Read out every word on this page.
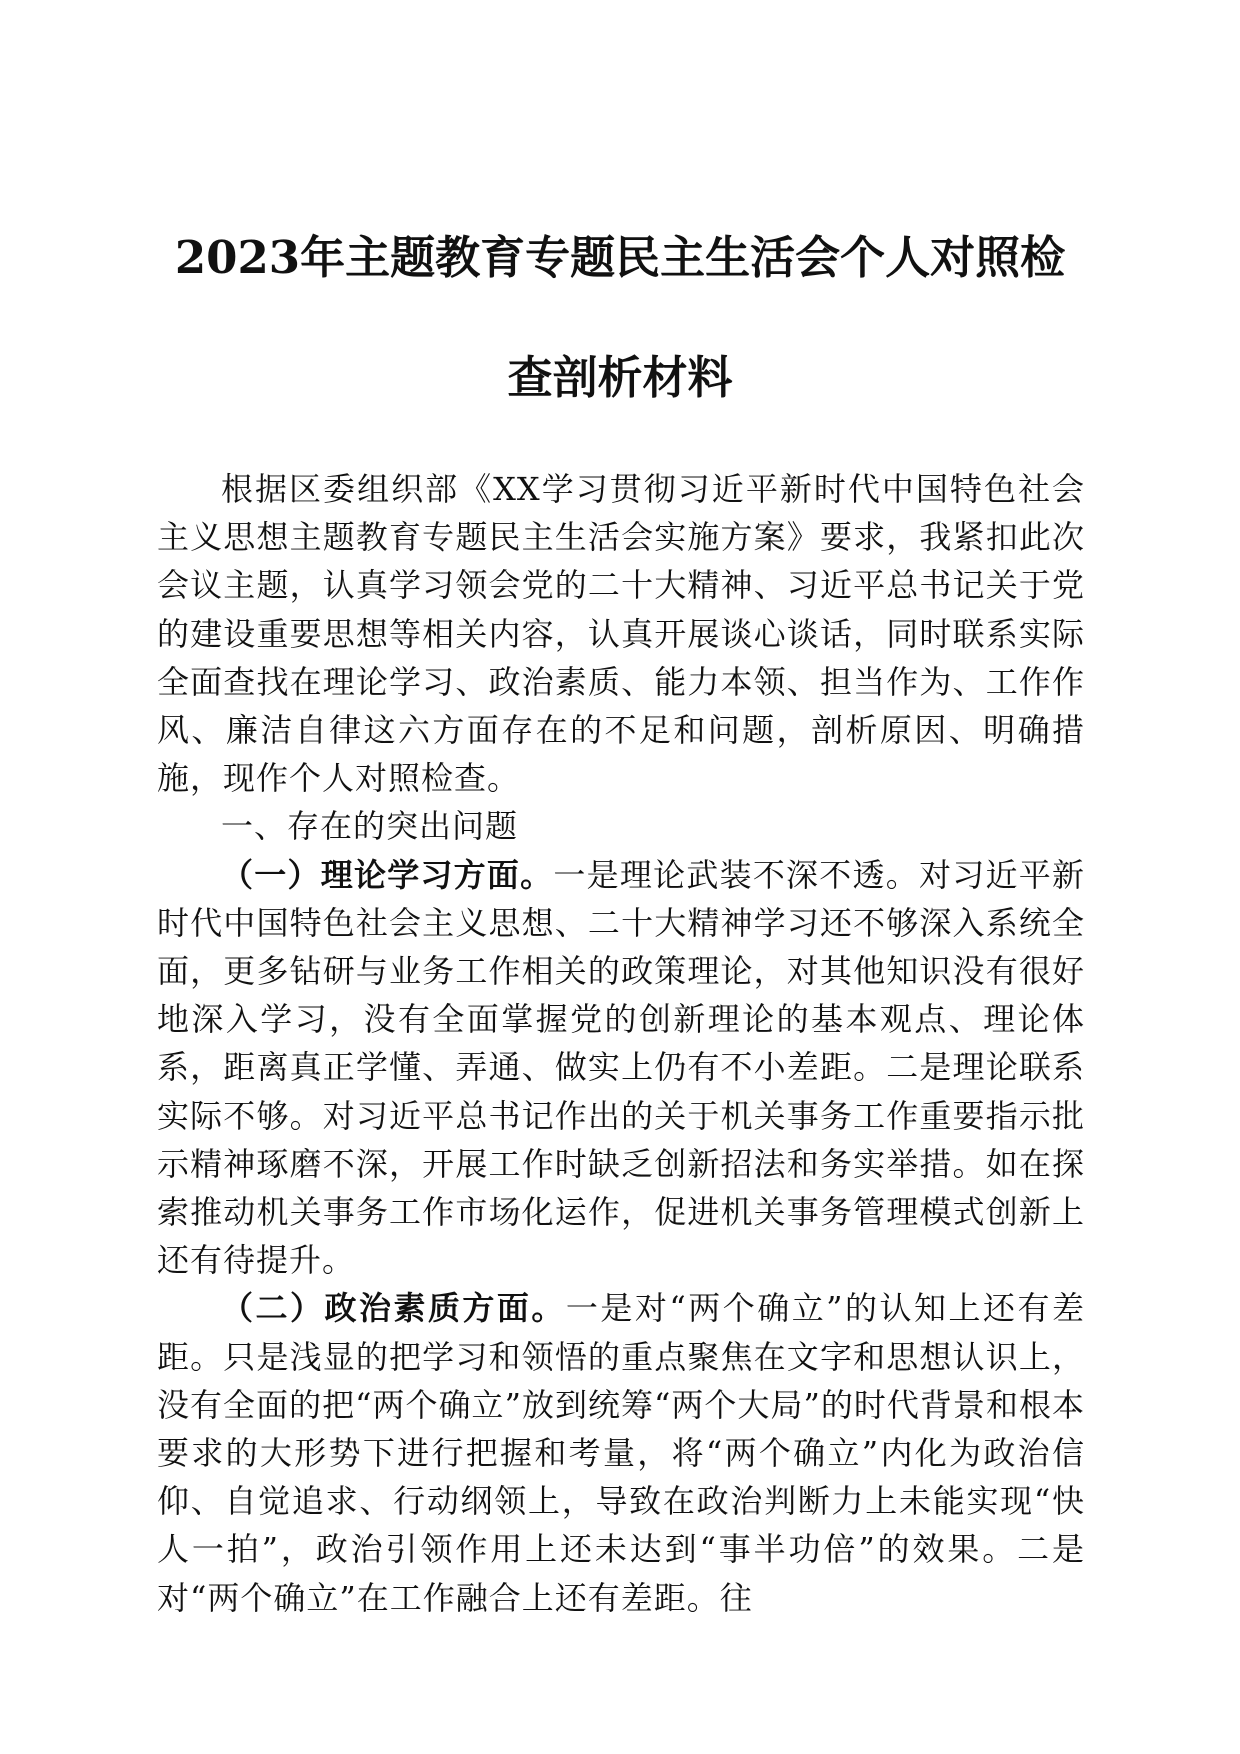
2023年主题教育专题民主生活会个人对照检
查剖析材料

根据区委组织部《XX学习贯彻习近平新时代中国特色社会主义思想主题教育专题民主生活会实施方案》要求，我紧扣此次会议主题，认真学习领会党的二十大精神、习近平总书记关于党的建设重要思想等相关内容，认真开展谈心谈话，同时联系实际全面查找在理论学习、政治素质、能力本领、担当作为、工作作风、廉洁自律这六方面存在的不足和问题，剖析原因、明确措施，现作个人对照检查。

一、存在的突出问题

（一）理论学习方面。一是理论武装不深不透。对习近平新时代中国特色社会主义思想、二十大精神学习还不够深入系统全面，更多钻研与业务工作相关的政策理论，对其他知识没有很好地深入学习，没有全面掌握党的创新理论的基本观点、理论体系，距离真正学懂、弄通、做实上仍有不小差距。二是理论联系实际不够。对习近平总书记作出的关于机关事务工作重要指示批示精神琢磨不深，开展工作时缺乏创新招法和务实举措。如在探索推动机关事务工作市场化运作，促进机关事务管理模式创新上还有待提升。

（二）政治素质方面。一是对“两个确立”的认知上还有差距。只是浅显的把学习和领悟的重点聚焦在文字和思想认识上，没有全面的把“两个确立”放到统筹“两个大局”的时代背景和根本要求的大形势下进行把握和考量，将“两个确立”内化为政治信仰、自觉追求、行动纲领上，导致在政治判断力上未能实现“快人一拍”，政治引领作用上还未达到“事半功倍”的效果。二是对“两个确立”在工作融合上还有差距。往
